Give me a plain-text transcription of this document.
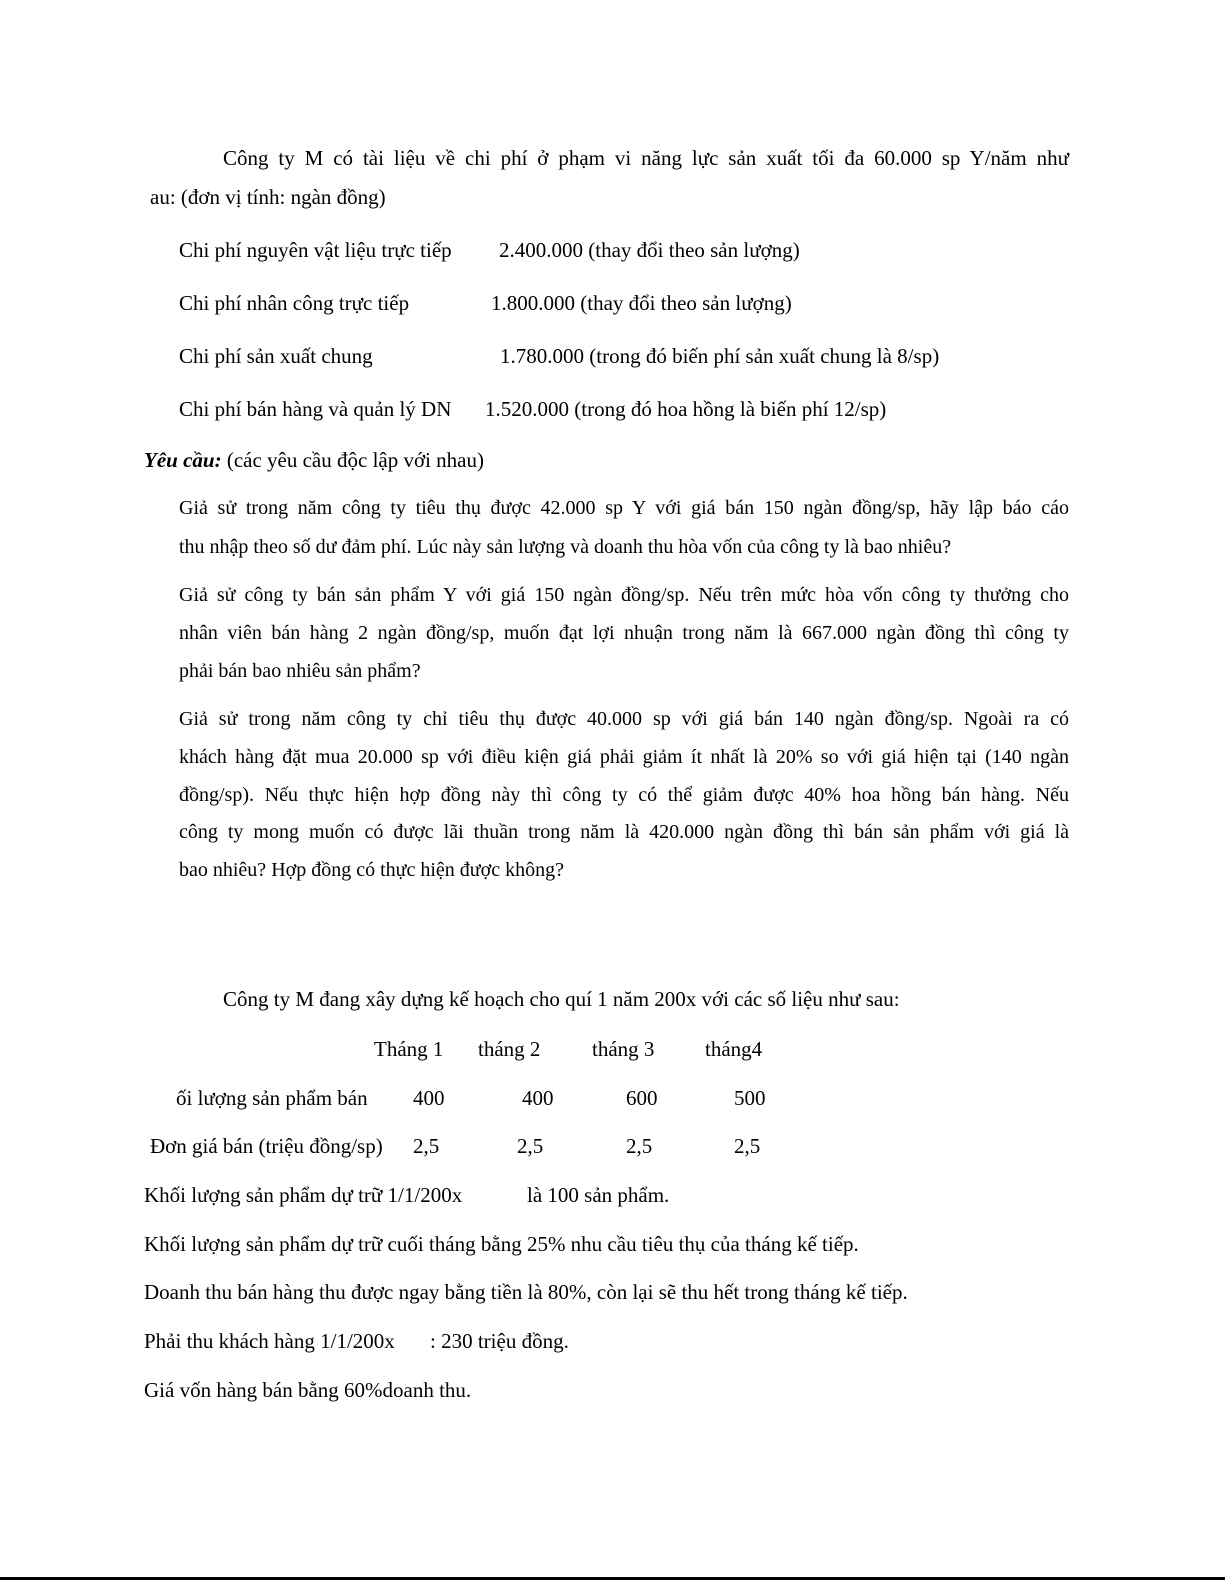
Công ty M có tài liệu về chi phí ở phạm vi năng lực sản xuất tối đa 60.000 sp Y/năm như
au: (đơn vị tính: ngàn đồng)
Chi phí nguyên vật liệu trực tiếp 2.400.000 (thay đổi theo sản lượng)
Chi phí nhân công trực tiếp	1.800.000 (thay đổi theo sản lượng)
Chi phí sản xuất chung	1.780.000 (trong đó biến phí sản xuất chung là 8/sp)
Chi phí bán hàng và quản lý DN 1.520.000 (trong đó hoa hồng là biến phí 12/sp)
Yêu cầu: (các yêu cầu độc lập với nhau)
Giả sử trong năm công ty tiêu thụ được 42.000 sp Y với giá bán 150 ngàn đồng/sp, hãy lập báo cáo
thu nhập theo số dư đảm phí. Lúc này sản lượng và doanh thu hòa vốn của công ty là bao nhiêu?
Giả sử công ty bán sản phẩm Y với giá 150 ngàn đồng/sp. Nếu trên mức hòa vốn công ty thưởng cho
nhân viên bán hàng 2 ngàn đồng/sp, muốn đạt lợi nhuận trong năm là 667.000 ngàn đồng thì công ty
phải bán bao nhiêu sản phẩm?
Giả sử trong năm công ty chỉ tiêu thụ được 40.000 sp với giá bán 140 ngàn đồng/sp. Ngoài ra có
khách hàng đặt mua 20.000 sp với điều kiện giá phải giảm ít nhất là 20% so với giá hiện tại (140 ngàn
đồng/sp). Nếu thực hiện hợp đồng này thì công ty có thể giảm được 40% hoa hồng bán hàng. Nếu
công ty mong muốn có được lãi thuần trong năm là 420.000 ngàn đồng thì bán sản phẩm với giá là
bao nhiêu? Hợp đồng có thực hiện được không?
Công ty M đang xây dựng kế hoạch cho quí 1 năm 200x với các số liệu như sau:
Tháng 1 tháng 2 tháng 3 tháng4
ối lượng sản phẩm bán 400	400	600	500
Đơn giá bán (triệu đồng/sp) 2,5	2,5	2,5	2,5
Khối lượng sản phẩm dự trữ 1/1/200x	là 100 sản phẩm.
Khối lượng sản phẩm dự trữ cuối tháng bằng 25% nhu cầu tiêu thụ của tháng kế tiếp.
Doanh thu bán hàng thu được ngay bằng tiền là 80%, còn lại sẽ thu hết trong tháng kế tiếp.
Phải thu khách hàng 1/1/200x : 230 triệu đồng.
Giá vốn hàng bán bằng 60%doanh thu.
